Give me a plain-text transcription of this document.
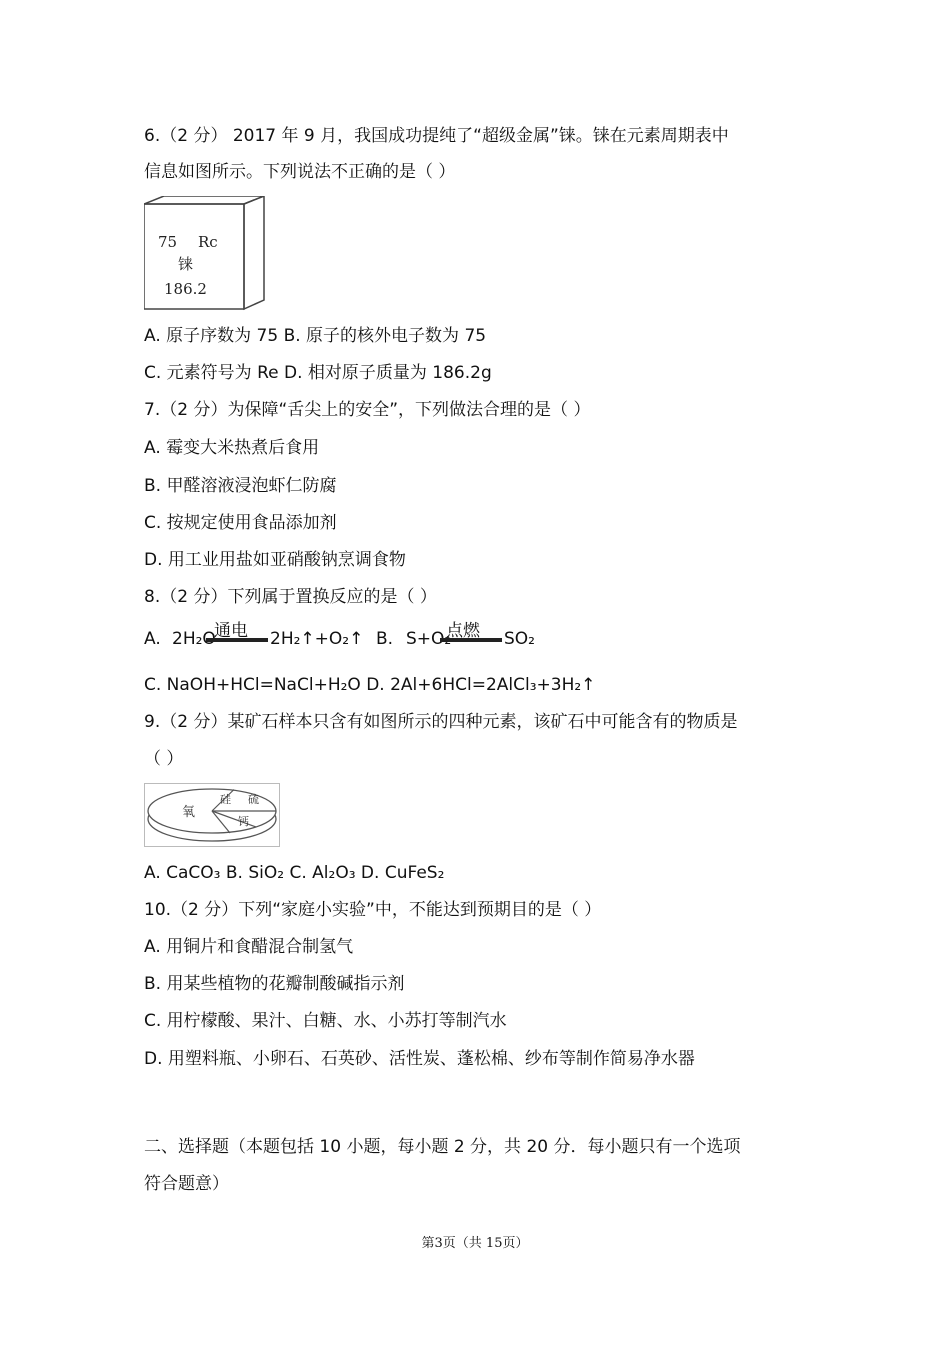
6.（2 分） 2017 年 9 月，我国成功提纯了“超级金属”铼。铼在元素周期表中
信息如图所示。下列说法不正确的是（ ）
75 Rc
铼
186.2
A. 原子序数为 75 B. 原子的核外电子数为 75
C. 元素符号为 Re D. 相对原子质量为 186.2g
7.（2 分）为保障“舌尖上的安全”，下列做法合理的是（ ）
A. 霉变大米热煮后食用
B. 甲醛溶液浸泡虾仁防腐
C. 按规定使用食品添加剂
D. 用工业用盐如亚硝酸钠烹调食物
8.（2 分）下列属于置换反应的是（ ）
A. 2H₂O
通电 2H₂↑+O₂↑ B. S+O₂
点燃 SO₂
C. NaOH+HCl=NaCl+H₂O D. 2Al+6HCl=2AlCl₃+3H₂↑
9.（2 分）某矿石样本只含有如图所示的四种元素，该矿石中可能含有的物质是
（ ）
氧
硅 硫
钙
A. CaCO₃ B. SiO₂ C. Al₂O₃ D. CuFeS₂
10.（2 分）下列“家庭小实验”中，不能达到预期目的是（ ）
A. 用铜片和食醋混合制氢气
B. 用某些植物的花瓣制酸碱指示剂
C. 用柠檬酸、果汁、白糖、水、小苏打等制汽水
D. 用塑料瓶、小卵石、石英砂、活性炭、蓬松棉、纱布等制作简易净水器
二、选择题（本题包括 10 小题，每小题 2 分，共 20 分．每小题只有一个选项
符合题意）
第3页（共 15页）
